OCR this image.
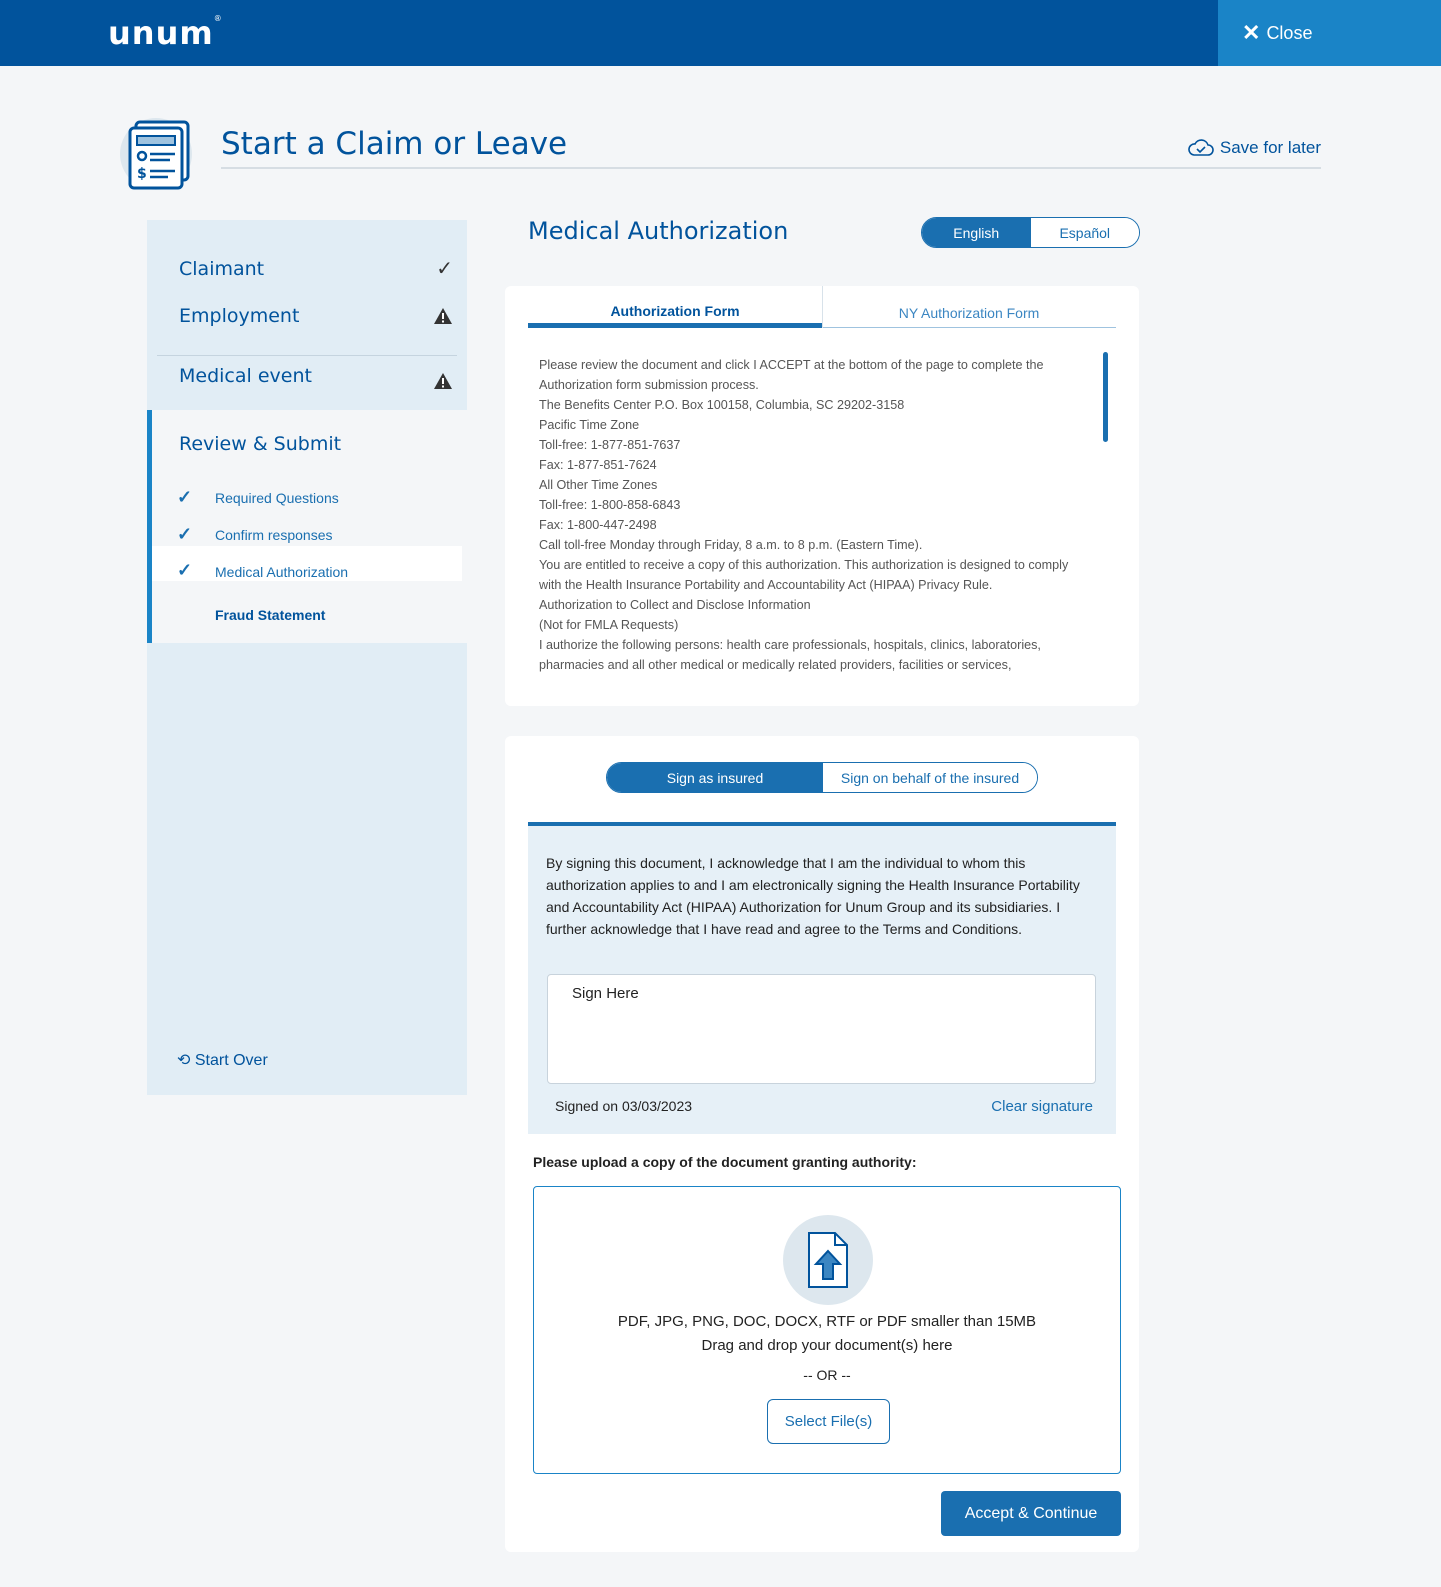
unum®
✕ Close
$
Start a Claim or Leave	Save for later
Claimant	✓
Employment
Medical event
Review & Submit
✓ Required Questions
✓ Confirm responses
✓ Medical Authorization
Fraud Statement
⟲ Start Over
Medical Authorization	English	Español
Authorization Form	NY Authorization Form
Please review the document and click I ACCEPT at the bottom of the page to complete the Authorization form submission process.
The Benefits Center P.O. Box 100158, Columbia, SC 29202-3158
Pacific Time Zone
Toll-free: 1-877-851-7637
Fax: 1-877-851-7624
All Other Time Zones
Toll-free: 1-800-858-6843
Fax: 1-800-447-2498
Call toll-free Monday through Friday, 8 a.m. to 8 p.m. (Eastern Time).
You are entitled to receive a copy of this authorization. This authorization is designed to comply with the Health Insurance Portability and Accountability Act (HIPAA) Privacy Rule.
Authorization to Collect and Disclose Information
(Not for FMLA Requests)
I authorize the following persons: health care professionals, hospitals, clinics, laboratories, pharmacies and all other medical or medically related providers, facilities or services,
Sign as insured	Sign on behalf of the insured
By signing this document, I acknowledge that I am the individual to whom this authorization applies to and I am electronically signing the Health Insurance Portability and Accountability Act (HIPAA) Authorization for Unum Group and its subsidiaries. I further acknowledge that I have read and agree to the Terms and Conditions.
Sign Here
Signed on 03/03/2023	Clear signature
Please upload a copy of the document granting authority:
PDF, JPG, PNG, DOC, DOCX, RTF or PDF smaller than 15MB
Drag and drop your document(s) here
-- OR --
Select File(s)
Accept & Continue
